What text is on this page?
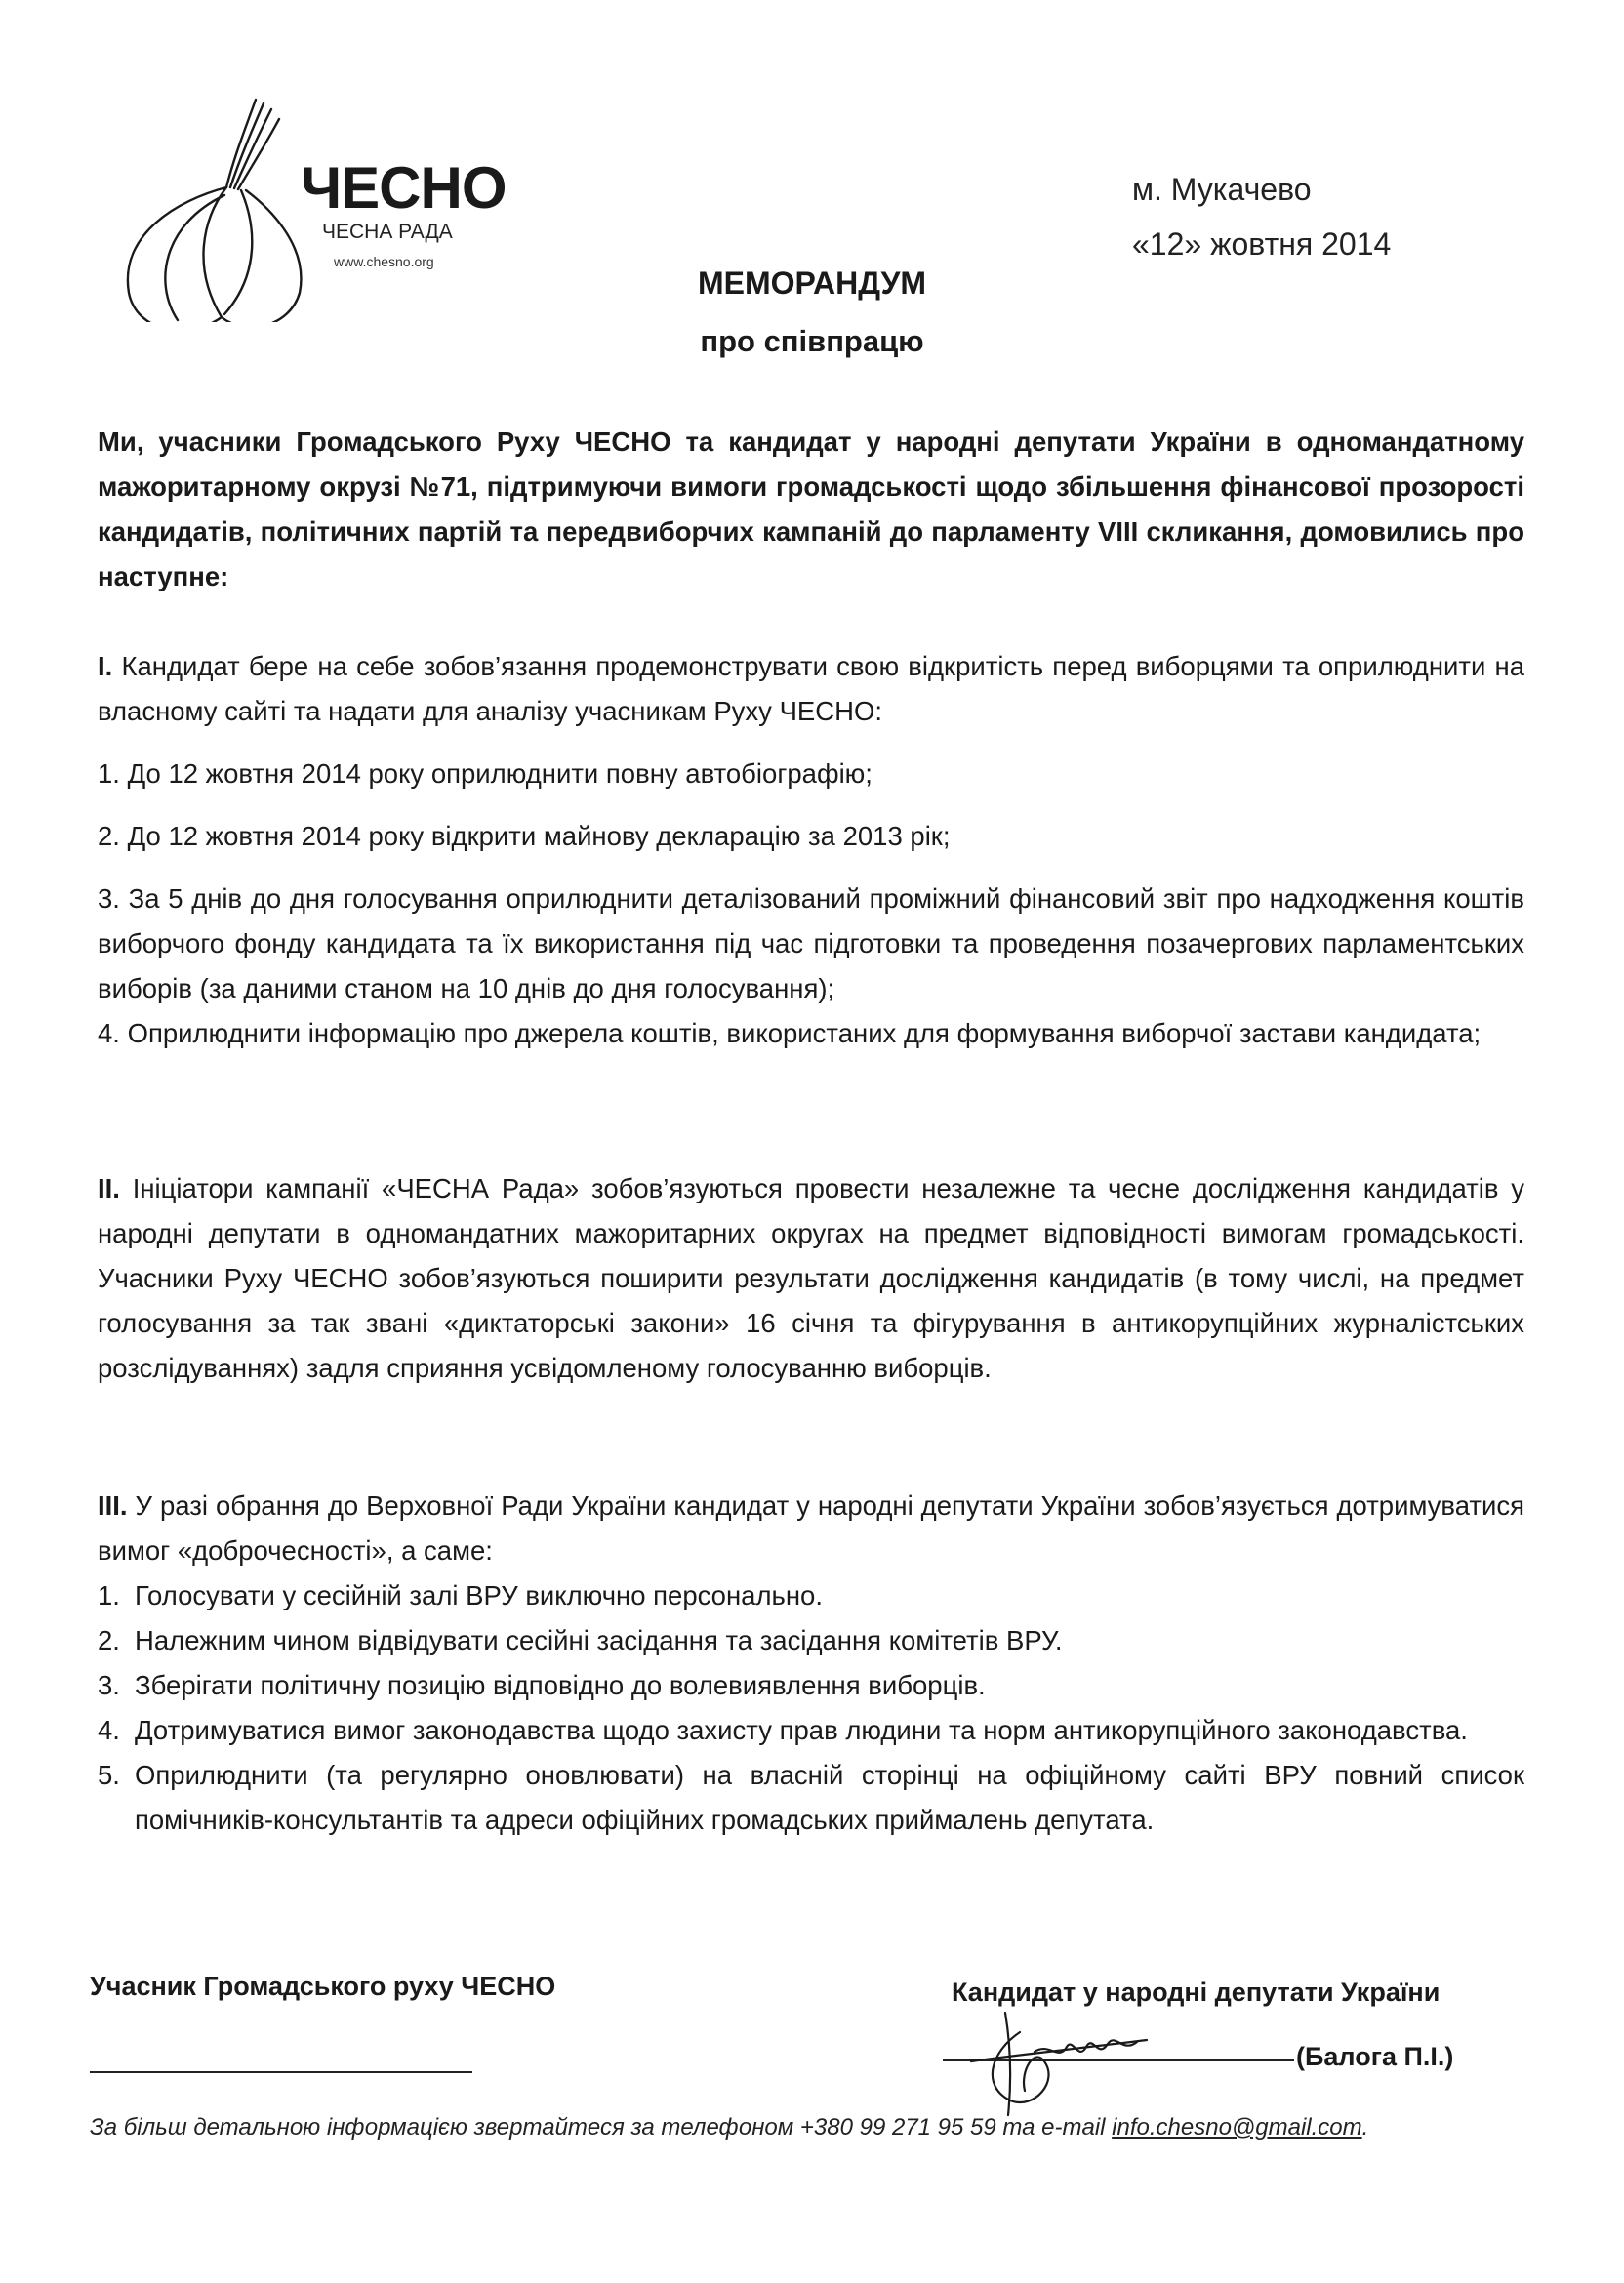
ЧЕСНО
ЧЕСНА РАДА
www.chesno.org
м. Мукачево
«12» жовтня 2014
МЕМОРАНДУМ
про співпрацю

Ми, учасники Громадського Руху ЧЕСНО та кандидат у народні депутати України в одномандатному мажоритарному окрузі №71, підтримуючи вимоги громадськості щодо збільшення фінансової прозорості кандидатів, політичних партій та передвиборчих кампаній до парламенту VIII скликання, домовились про наступне:

I. Кандидат бере на себе зобов’язання продемонструвати свою відкритість перед виборцями та оприлюднити на власному сайті та надати для аналізу учасникам Руху ЧЕСНО:

1. До 12 жовтня 2014 року оприлюднити повну автобіографію;

2. До 12 жовтня 2014 року відкрити майнову декларацію за 2013 рік;

3. За 5 днів до дня голосування оприлюднити деталізований проміжний фінансовий звіт про надходження коштів виборчого фонду кандидата та їх використання під час підготовки та проведення позачергових парламентських виборів (за даними станом на 10 днів до дня голосування);

4. Оприлюднити інформацію про джерела коштів, використаних для формування виборчої застави кандидата;

II. Ініціатори кампанії «ЧЕСНА Рада» зобов’язуються провести незалежне та чесне дослідження кандидатів у народні депутати в одномандатних мажоритарних округах на предмет відповідності вимогам громадськості. Учасники Руху ЧЕСНО зобов’язуються поширити результати дослідження кандидатів (в тому числі, на предмет голосування за так звані «диктаторські закони» 16 січня та фігурування в антикорупційних журналістських розслідуваннях) задля сприяння усвідомленому голосуванню виборців.

III. У разі обрання до Верховної Ради України кандидат у народні депутати України зобов’язується дотримуватися вимог «доброчесності», а саме:

1. Голосувати у сесійній залі ВРУ виключно персонально.
2. Належним чином відвідувати сесійні засідання та засідання комітетів ВРУ.
3. Зберігати політичну позицію відповідно до волевиявлення виборців.
4. Дотримуватися вимог законодавства щодо захисту прав людини та норм антикорупційного законодавства.
5. Оприлюднити (та регулярно оновлювати) на власній сторінці на офіційному сайті ВРУ повний список помічників-консультантів та адреси офіційних громадських приймалень депутата.
Учасник Громадського руху ЧЕСНО	Кандидат у народні депутати України
(Балога П.І.)
За більш детальною інформацією звертайтеся за телефоном +380 99 271 95 59 та e-mail info.chesno@gmail.com.
